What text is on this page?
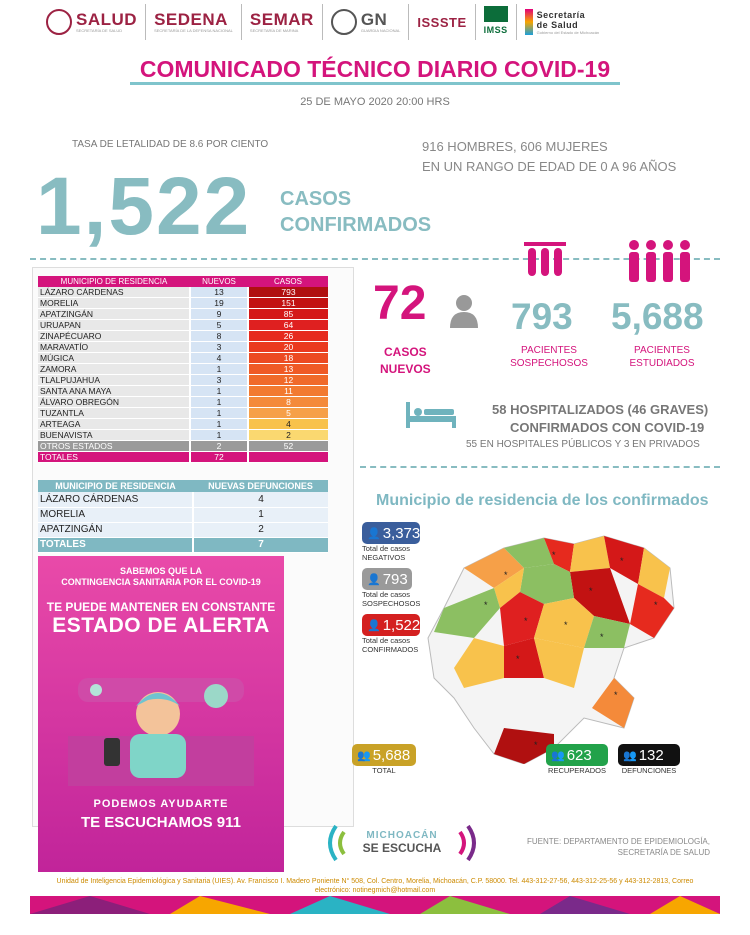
SALUD
SECRETARÍA DE SALUD
SEDENA
SECRETARÍA DE LA DEFENSA NACIONAL
SEMAR
SECRETARÍA DE MARINA
GN
GUARDIA NACIONAL
ISSSTE IMSS
Secretaría de Salud
Gobierno del Estado de Michoacán
COMUNICADO TÉCNICO DIARIO COVID-19
25 DE MAYO 2020 20:00 HRS
TASA DE LETALIDAD DE 8.6 POR CIENTO	916 HOMBRES, 606 MUJERES
EN UN RANGO DE EDAD DE 0 A 96 AÑOS
1,522 CASOS
CONFIRMADOS
MUNICIPIO DE RESIDENCIA	NUEVOS	CASOS
LÁZARO CÁRDENAS	13	793
MORELIA	19	151
APATZINGÁN	9	85
URUAPAN	5	64
ZINAPÉCUARO	8	26
MARAVATÍO	3	20
MÚGICA	4	18
ZAMORA	1	13
TLALPUJAHUA	3	12
SANTA ANA MAYA	1	11
ÁLVARO OBREGÓN	1	8
TUZANTLA	1	5
ARTEAGA	1	4
BUENAVISTA	1	2
OTROS ESTADOS	2	52
TOTALES	72	
MUNICIPIO DE RESIDENCIA	NUEVAS DEFUNCIONES
LÁZARO CÁRDENAS	4
MORELIA	1
APATZINGÁN	2
TOTALES	7
SABEMOS QUE LA
CONTINGENCIA SANITARIA POR EL COVID-19
TE PUEDE MANTENER EN CONSTANTE
ESTADO DE ALERTA
PODEMOS AYUDARTE
TE ESCUCHAMOS 911
72
CASOS
NUEVOS
793
PACIENTES
SOSPECHOSOS
5,688
PACIENTES
ESTUDIADOS
58 HOSPITALIZADOS (46 GRAVES)
CONFIRMADOS CON COVID-19
55 EN HOSPITALES PÚBLICOS Y 3 EN PRIVADOS
Municipio de residencia de los confirmados
👤 3,373
Total de casos
NEGATIVOS
👤 793
Total de casos
SOSPECHOSOS
👤 1,522
Total de casos
CONFIRMADOS
*
*
*
*
*
*
*
*
*
*
*
*
👥 5,688
TOTAL
👥 623
RECUPERADOS
👥 132
DEFUNCIONES
MICHOACÁN
SE ESCUCHA	FUENTE: DEPARTAMENTO DE EPIDEMIOLOGÍA,
SECRETARÍA DE SALUD
Unidad de Inteligencia Epidemiológica y Sanitaria (UIES). Av. Francisco I. Madero Poniente N° 508, Col. Centro, Morelia, Michoacán, C.P. 58000. Tel. 443-312-27-56, 443-312-25-56 y 443-312-2813, Correo
electrónico: notinegmich@hotmail.com
